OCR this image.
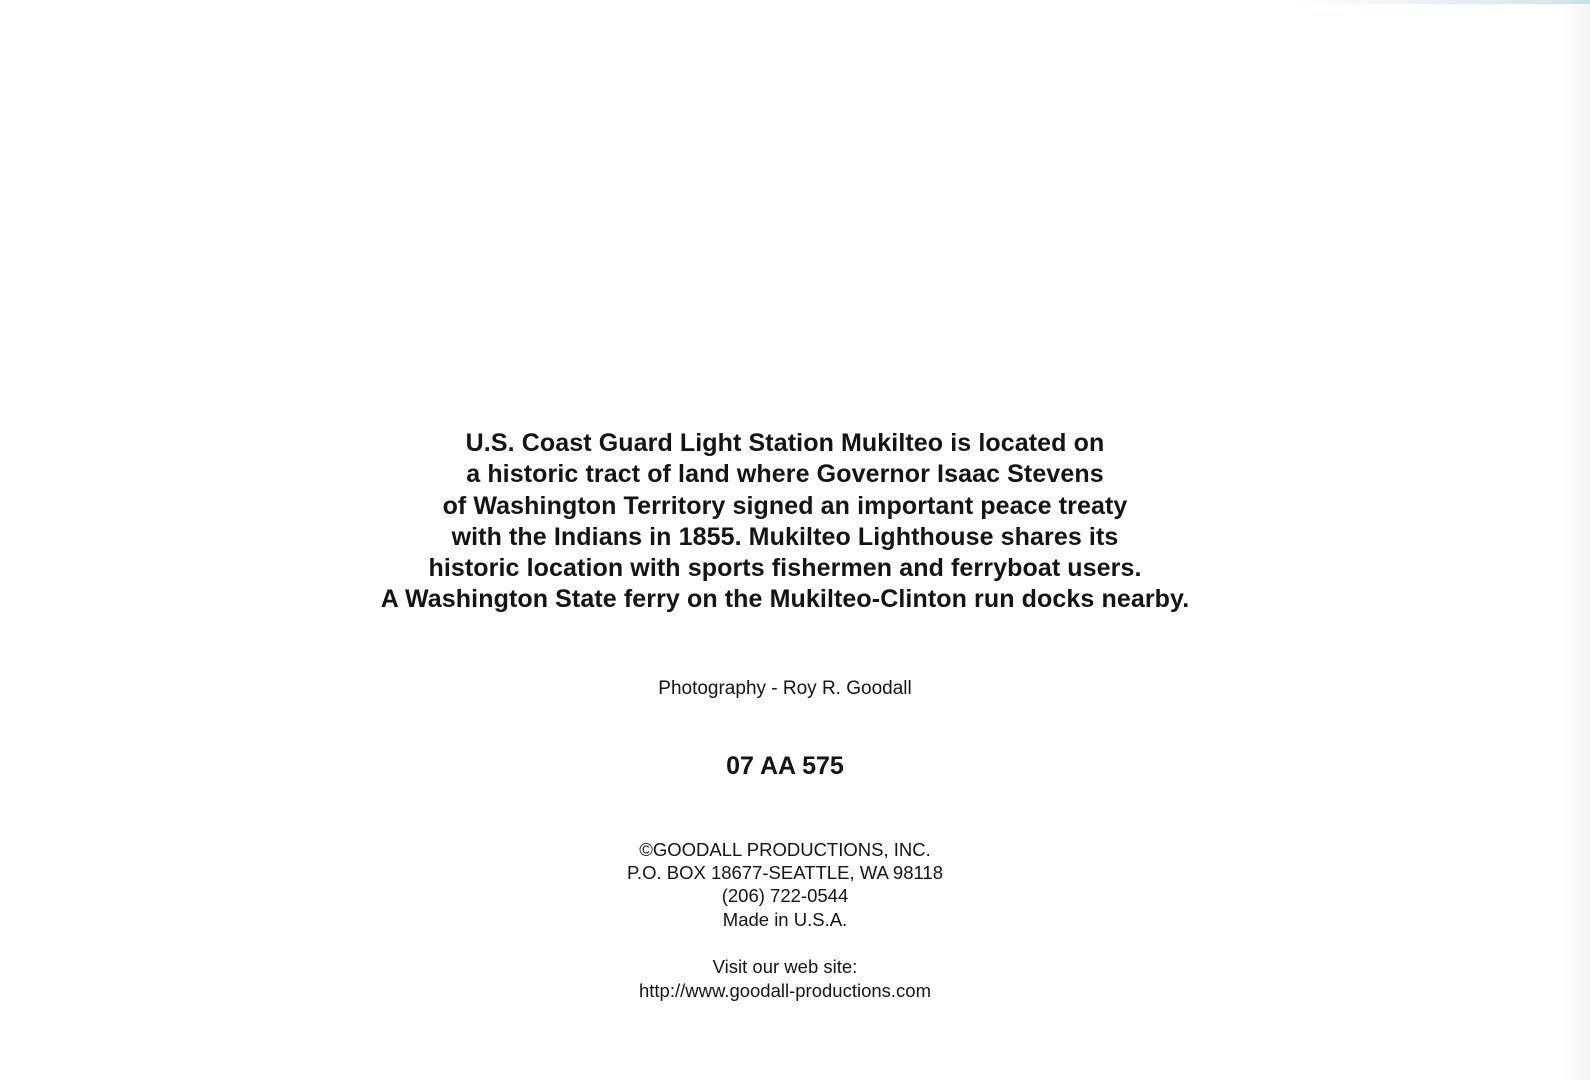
U.S. Coast Guard Light Station Mukilteo is located on
a historic tract of land where Governor Isaac Stevens
of Washington Territory signed an important peace treaty
with the Indians in 1855. Mukilteo Lighthouse shares its
historic location with sports fishermen and ferryboat users.
A Washington State ferry on the Mukilteo-Clinton run docks nearby.
Photography - Roy R. Goodall
07 AA 575
©GOODALL PRODUCTIONS, INC.
P.O. BOX 18677-SEATTLE, WA 98118
(206) 722-0544
Made in U.S.A.
Visit our web site:
http://www.goodall-productions.com
